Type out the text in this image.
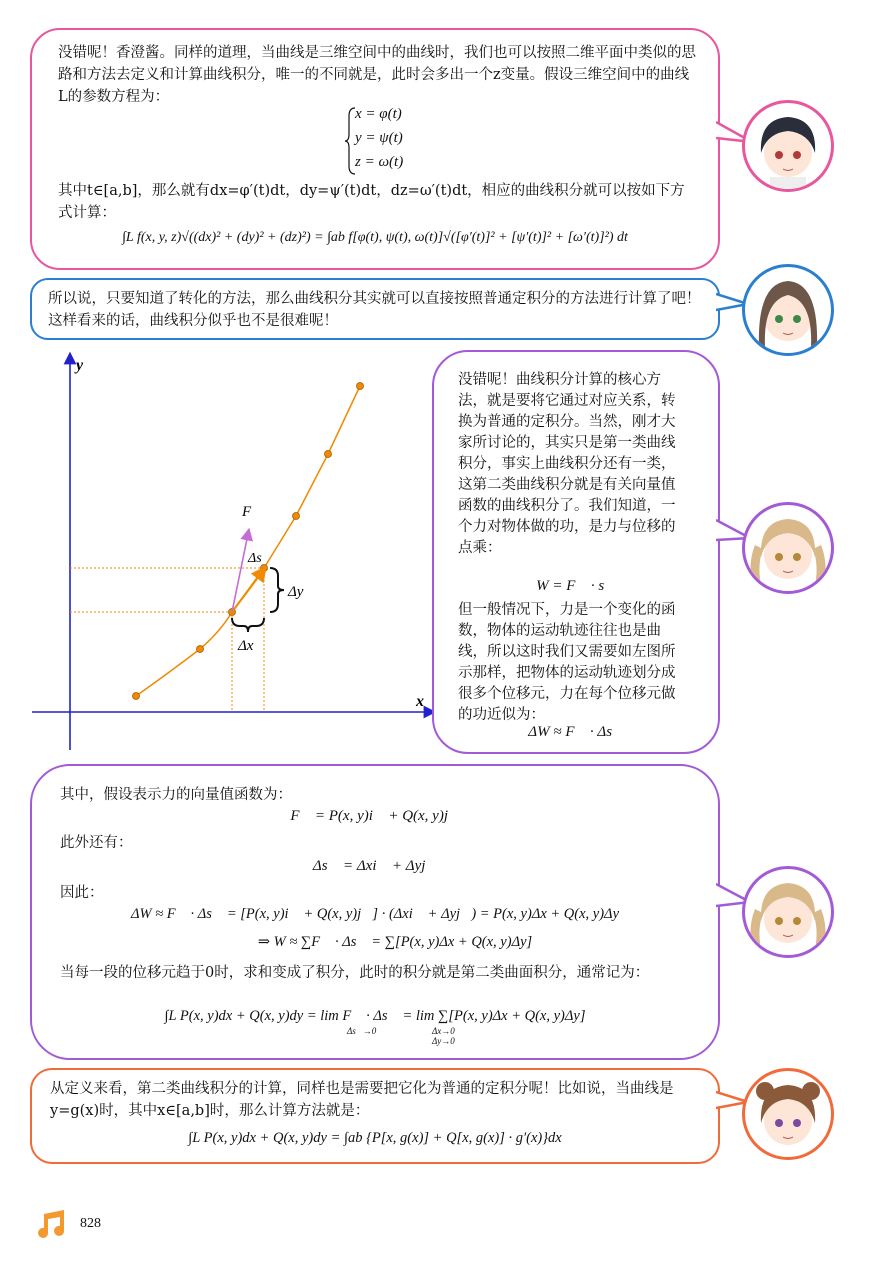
没错呢！香澄酱。同样的道理，当曲线是三维空间中的曲线时，我们也可以按照二维平面中类似的思路和方法去定义和计算曲线积分，唯一的不同就是，此时会多出一个z变量。假设三维空间中的曲线L的参数方程为：
x = φ(t)
y = ψ(t)
z = ω(t)
其中t∈[a,b]，那么就有dx=φ′(t)dt，dy=ψ′(t)dt，dz=ω′(t)dt，相应的曲线积分就可以按如下方式计算：
∫L f(x, y, z)√((dx)² + (dy)² + (dz)²) = ∫ab f[φ(t), ψ(t), ω(t)]√([φ′(t)]² + [ψ′(t)]² + [ω′(t)]²) dt
所以说，只要知道了转化的方法，那么曲线积分其实就可以直接按照普通定积分的方法进行计算了吧！这样看来的话，曲线积分似乎也不是很难呢！
y
x
F⃗
Δs⃗
Δy
Δx
没错呢！曲线积分计算的核心方法，就是要将它通过对应关系，转换为普通的定积分。当然，刚才大家所讨论的，其实只是第一类曲线积分，事实上曲线积分还有一类，这第二类曲线积分就是有关向量值函数的曲线积分了。我们知道，一个力对物体做的功，是力与位移的点乘：
W = F⃗ · s⃗
但一般情况下，力是一个变化的函数，物体的运动轨迹往往也是曲线，所以这时我们又需要如左图所示那样，把物体的运动轨迹划分成很多个位移元，力在每个位移元做的功近似为：
ΔW ≈ F⃗ · Δs⃗
其中，假设表示力的向量值函数为：
F⃗ = P(x, y)i⃗ + Q(x, y)j⃗
此外还有：
Δs⃗ = Δxi⃗ + Δyj⃗
因此：
ΔW ≈ F⃗ · Δs⃗ = [P(x, y)i⃗ + Q(x, y)j⃗] · (Δxi⃗ + Δyj⃗) = P(x, y)Δx + Q(x, y)Δy
⇒ W ≈ ∑F⃗ · Δs⃗ = ∑[P(x, y)Δx + Q(x, y)Δy]
当每一段的位移元趋于0时，求和变成了积分，此时的积分就是第二类曲面积分，通常记为：
∫L P(x, y)dx + Q(x, y)dy = lim F⃗ · Δs⃗ = lim ∑[P(x, y)Δx + Q(x, y)Δy]
Δs⃗→0	Δx→0
Δy→0
从定义来看，第二类曲线积分的计算，同样也是需要把它化为普通的定积分呢！比如说，当曲线是y=g(x)时，其中x∈[a,b]时，那么计算方法就是：
∫L P(x, y)dx + Q(x, y)dy = ∫ab {P[x, g(x)] + Q[x, g(x)] · g′(x)}dx
828
